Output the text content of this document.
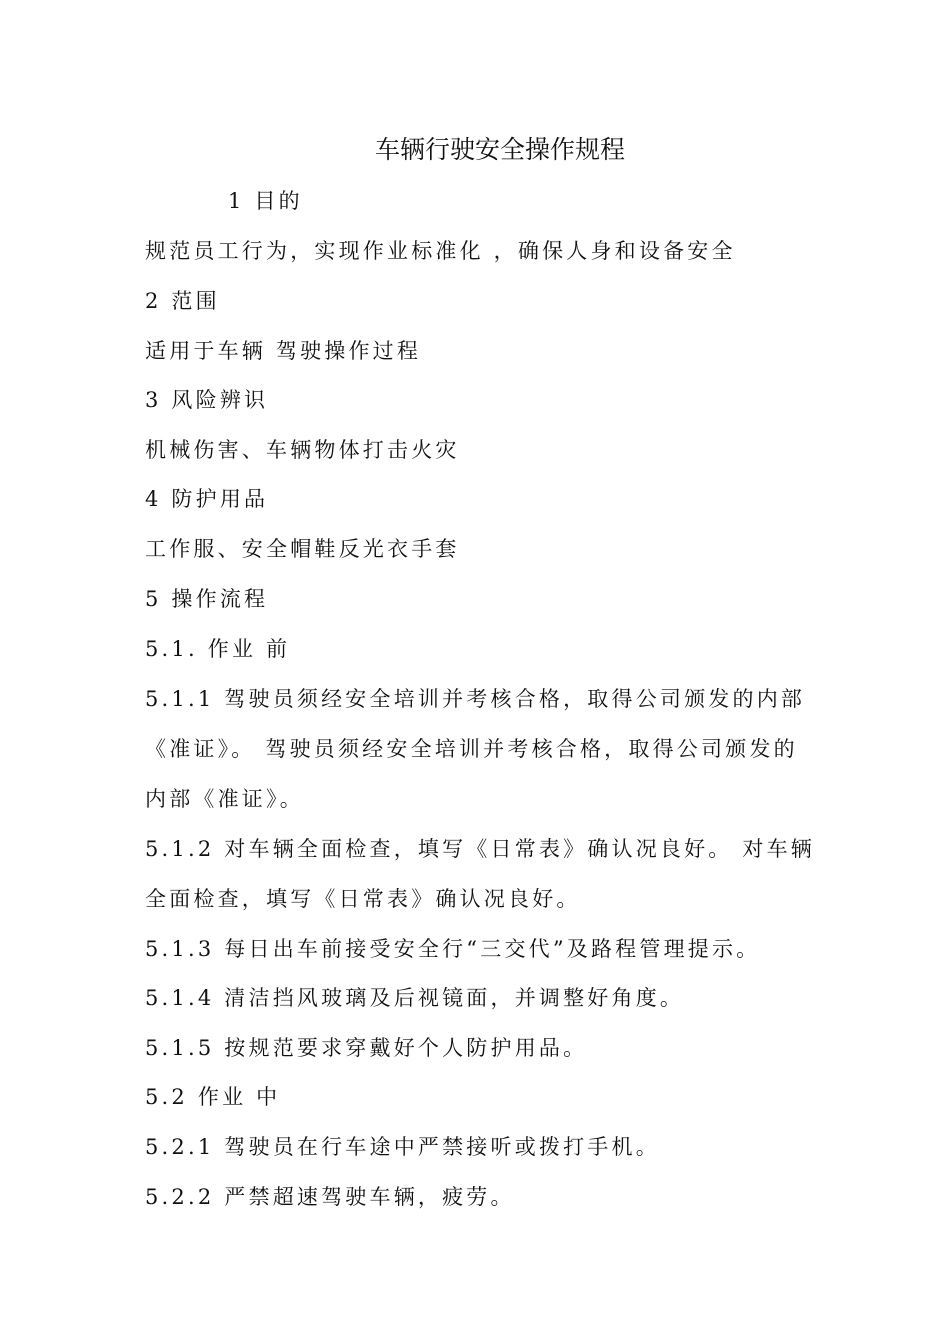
车辆行驶安全操作规程
1 目的
规范员工行为，实现作业标准化 ，确保人身和设备安全
2 范围
适用于车辆 驾驶操作过程
3 风险辨识
机械伤害、车辆物体打击火灾
4 防护用品
工作服、安全帽鞋反光衣手套
5 操作流程
5.1. 作业 前
5.1.1 驾驶员须经安全培训并考核合格，取得公司颁发的内部
《准证》。 驾驶员须经安全培训并考核合格，取得公司颁发的
内部《准证》。
5.1.2 对车辆全面检查，填写《日常表》确认况良好。 对车辆
全面检查，填写《日常表》确认况良好。
5.1.3 每日出车前接受安全行“三交代”及路程管理提示。
5.1.4 清洁挡风玻璃及后视镜面，并调整好角度。
5.1.5 按规范要求穿戴好个人防护用品。
5.2 作业 中
5.2.1 驾驶员在行车途中严禁接听或拨打手机。
5.2.2 严禁超速驾驶车辆，疲劳。
